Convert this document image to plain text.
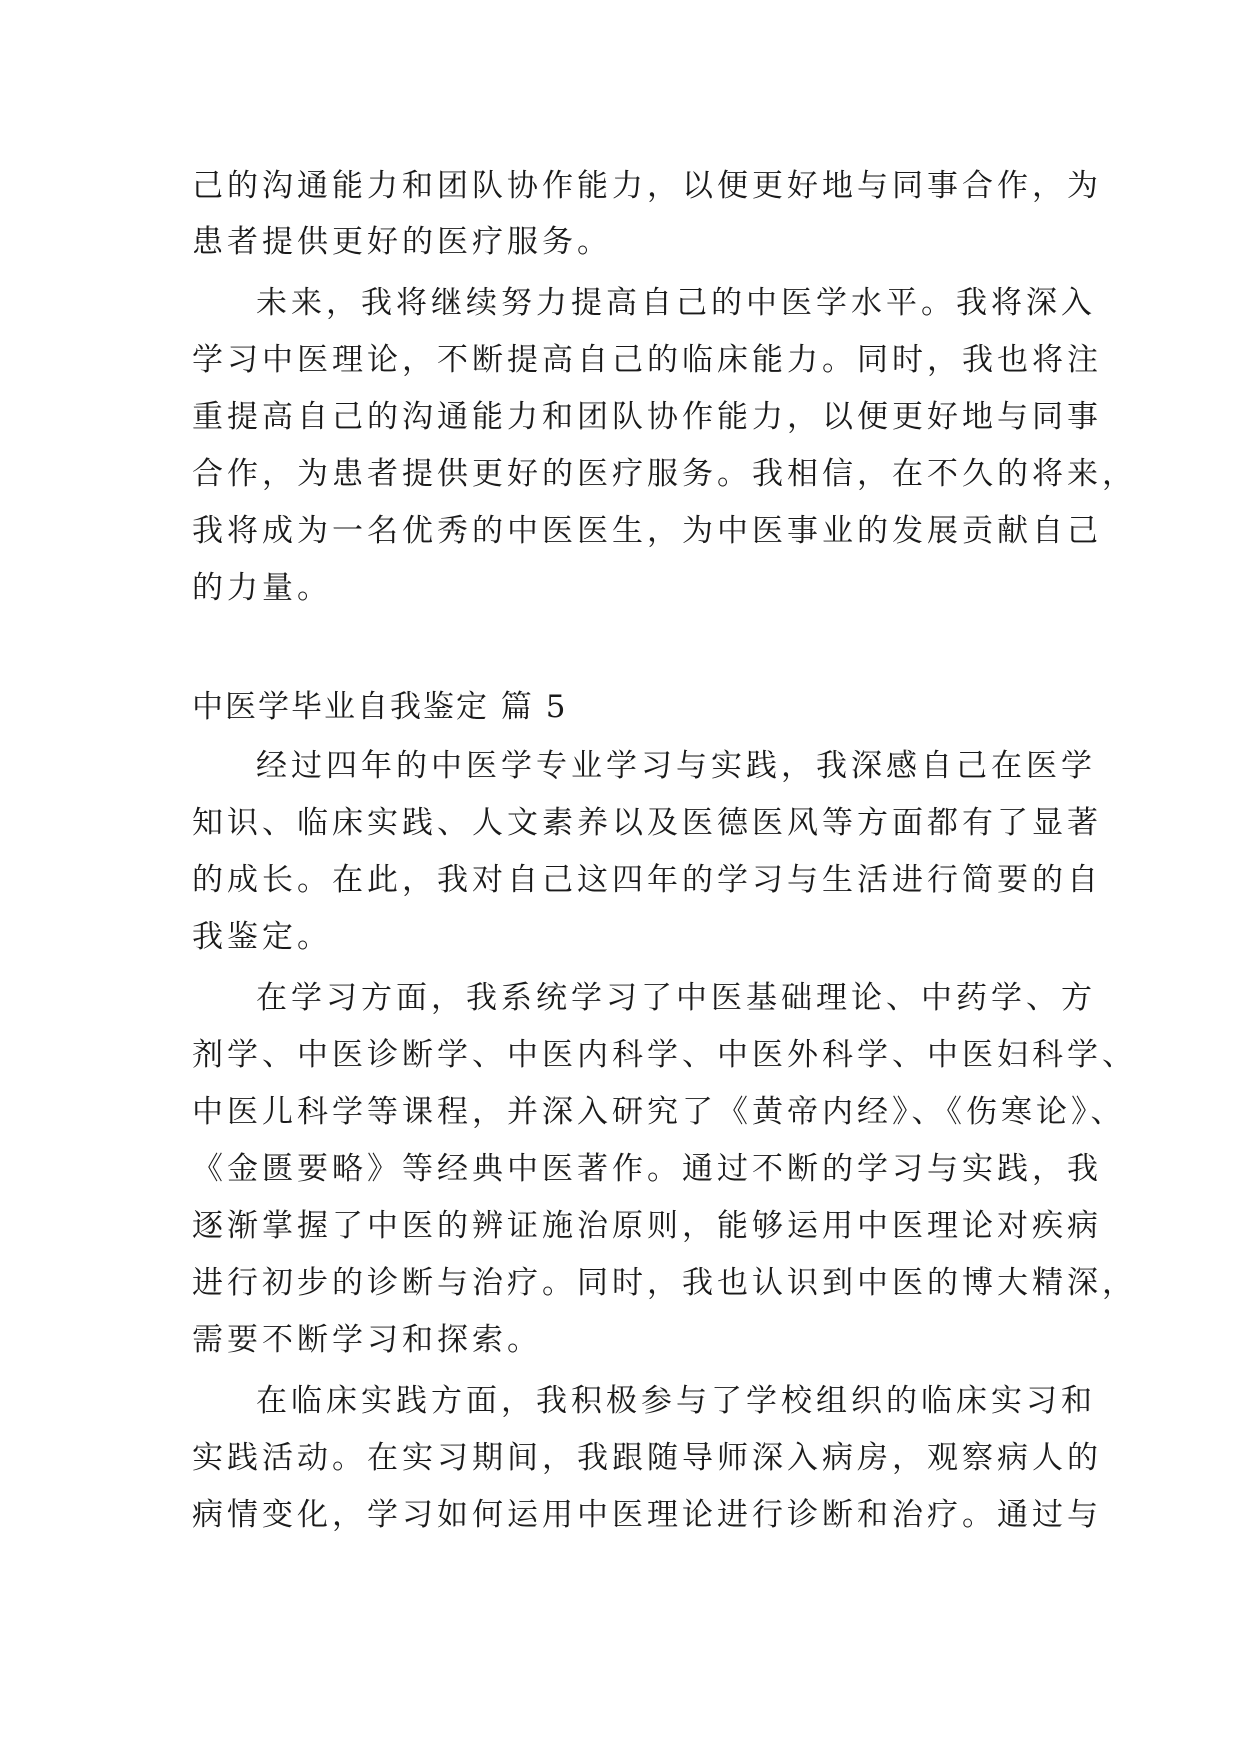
己的沟通能力和团队协作能力，以便更好地与同事合作，为
患者提供更好的医疗服务。
未来，我将继续努力提高自己的中医学水平。我将深入
学习中医理论，不断提高自己的临床能力。同时，我也将注
重提高自己的沟通能力和团队协作能力，以便更好地与同事
合作，为患者提供更好的医疗服务。我相信，在不久的将来，
我将成为一名优秀的中医医生，为中医事业的发展贡献自己
的力量。
中医学毕业自我鉴定 篇 5
经过四年的中医学专业学习与实践，我深感自己在医学
知识、临床实践、人文素养以及医德医风等方面都有了显著
的成长。在此，我对自己这四年的学习与生活进行简要的自
我鉴定。
在学习方面，我系统学习了中医基础理论、中药学、方
剂学、中医诊断学、中医内科学、中医外科学、中医妇科学、
中医儿科学等课程，并深入研究了《黄帝内经》、《伤寒论》、
《金匮要略》等经典中医著作。通过不断的学习与实践，我
逐渐掌握了中医的辨证施治原则，能够运用中医理论对疾病
进行初步的诊断与治疗。同时，我也认识到中医的博大精深，
需要不断学习和探索。
在临床实践方面，我积极参与了学校组织的临床实习和
实践活动。在实习期间，我跟随导师深入病房，观察病人的
病情变化，学习如何运用中医理论进行诊断和治疗。通过与
